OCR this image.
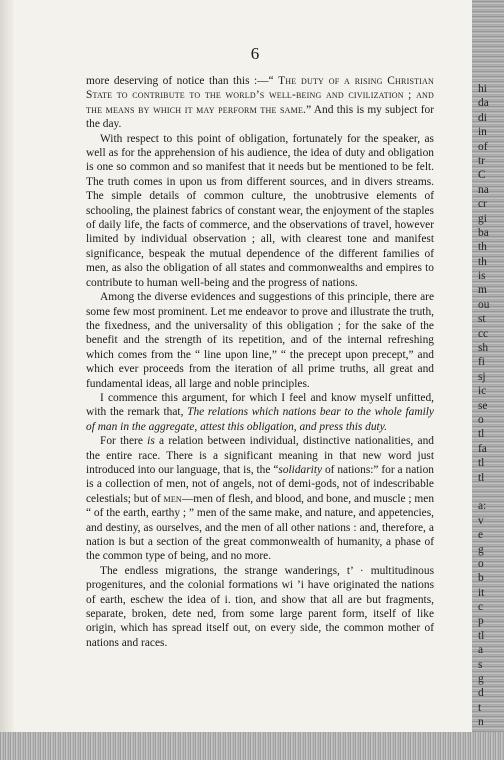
6

more deserving of notice than this :—“ The duty of a rising Christian State to contribute to the world’s well-being and civilization ; and the means by which it may perform the same.” And this is my subject for the day.

With respect to this point of obligation, fortunately for the speaker, as well as for the apprehension of his audience, the idea of duty and obligation is one so common and so manifest that it needs but be mentioned to be felt. The truth comes in upon us from different sources, and in divers streams. The simple details of common culture, the unobtrusive elements of schooling, the plainest fabrics of constant wear, the enjoyment of the staples of daily life, the facts of commerce, and the observations of travel, however limited by individual observation ; all, with clearest tone and manifest significance, bespeak the mutual dependence of the different families of men, as also the obligation of all states and commonwealths and empires to contribute to human well-being and the progress of nations.

Among the diverse evidences and suggestions of this principle, there are some few most prominent. Let me endeavor to prove and illustrate the truth, the fixedness, and the universality of this obligation ; for the sake of the benefit and the strength of its repetition, and of the internal refreshing which comes from the “ line upon line,” “ the precept upon precept,” and which ever proceeds from the iteration of all prime truths, all great and fundamental ideas, all large and noble principles.

I commence this argument, for which I feel and know myself unfitted, with the remark that, The relations which nations bear to the whole family of man in the aggregate, attest this obligation, and press this duty.

For there is a relation between individual, distinctive nationalities, and the entire race. There is a significant meaning in that new word just introduced into our language, that is, the “solidarity of nations:” for a nation is a collection of men, not of angels, not of demi-gods, not of indescribable celestials; but of men—men of flesh, and blood, and bone, and muscle ; men “ of the earth, earthy ; ” men of the same make, and nature, and appetencies, and destiny, as ourselves, and the men of all other nations : and, therefore, a nation is but a section of the great commonwealth of humanity, a phase of the common type of being, and no more.

The endless migrations, the strange wanderings, t’ · multitudinous progenitures, and the colonial formations wi ’i have originated the nations of earth, eschew the idea of i. tion, and show that all are but fragments, separate, broken, dete ned, from some large parent form, itself of like origin, which has spread itself out, on every side, the common mother of nations and races.

hi
da
di
in
of
tr
C
na
cr
gi
ba
th
th
is
m
ou
st
cc
sh
fi
sj
ic
se
o
tl
fa
tl
tl
a:
v
e
g
o
b
it
c
p
tl
a
s
g
d
t
n
